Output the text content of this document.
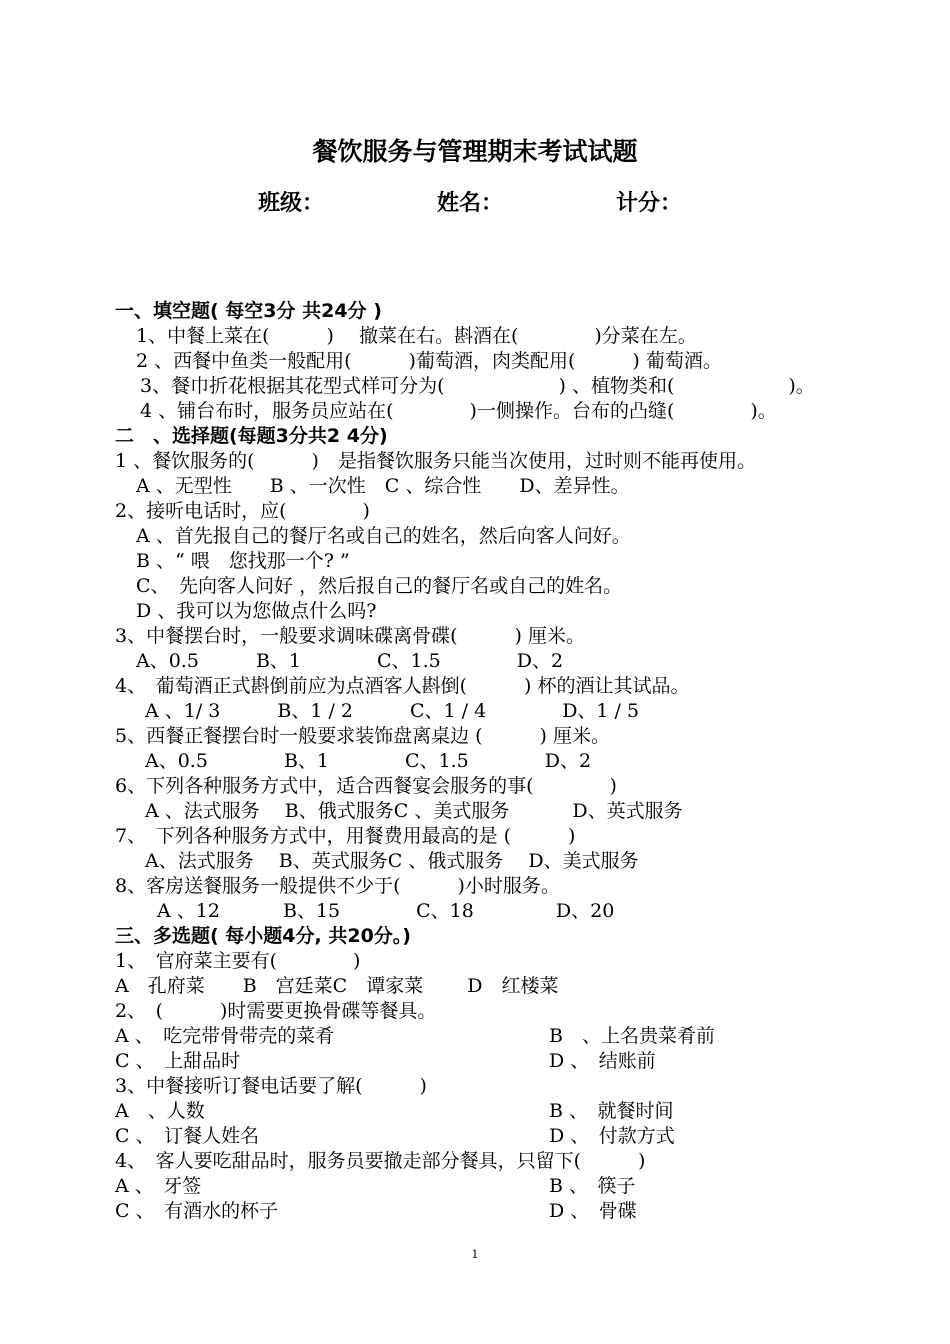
餐饮服务与管理期末考试试题
班级：	姓名：	计分：
一、填空题( 每空3分 共24分 )
1、中餐上菜在(　　　)　 撤菜在右。斟酒在(　　　　)分菜在左。
2 、西餐中鱼类一般配用(　　　)葡萄酒，肉类配用(　　　) 葡萄酒。
3、餐巾折花根据其花型式样可分为(　　　　　　) 、植物类和(　　　　　　)。
4 、铺台布时，服务员应站在(　　　　)一侧操作。台布的凸缝(　　　　)。
二　、选择题(每题3分共2 4分)
1 、餐饮服务的(　　　)　是指餐饮服务只能当次使用，过时则不能再使用。
A 、无型性　　B 、一次性　C 、综合性　　D、差异性。
2、接听电话时，应(　　　　)
A 、首先报自己的餐厅名或自己的姓名，然后向客人问好。
B 、“ 喂　您找那一个? ”
C、　先向客人问好 ，然后报自己的餐厅名或自己的姓名。
D 、我可以为您做点什么吗?
3、中餐摆台时，一般要求调味碟离骨碟(　　　) 厘米。
A、0.5　　　B、1　　　　C、1.5　　　　D、2
4、　葡萄酒正式斟倒前应为点酒客人斟倒(　　　) 杯的酒让其试品。
A 、1/ 3　　　B、1 / 2　　　C、1 / 4　　　　D、1 / 5
5、西餐正餐摆台时一般要求装饰盘离桌边 (　　　) 厘米。
A、0.5　　　　B、1　　　　C、1.5　　　　D、2
6、下列各种服务方式中，适合西餐宴会服务的事(　　　　)
A 、法式服务　 B、俄式服务C 、美式服务　　　 D、英式服务
7、　下列各种服务方式中，用餐费用最高的是 (　　　)
A、法式服务　 B、英式服务C 、俄式服务　 D、美式服务
8、客房送餐服务一般提供不少于(　　　)小时服务。
A 、12　　　 B、15　　　　C、18　　　　 D、20
三、多选题( 每小题4分, 共20分。)
1、　官府菜主要有(　　　　)
A　孔府菜　　B　宫廷菜C　谭家菜　　 D　红楼菜
2、　(　　　)时需要更换骨碟等餐具。
A 、　吃完带骨带壳的菜肴	B　、上名贵菜肴前
C 、　上甜品时	D 、　结账前
3、中餐接听订餐电话要了解(　　　)
A　、人数	B 、　就餐时间
C 、　订餐人姓名	D 、　付款方式
4、　客人要吃甜品时，服务员要撤走部分餐具，只留下(　　　)
A 、　牙签	B 、　筷子
C 、　有酒水的杯子	D 、　骨碟
1
